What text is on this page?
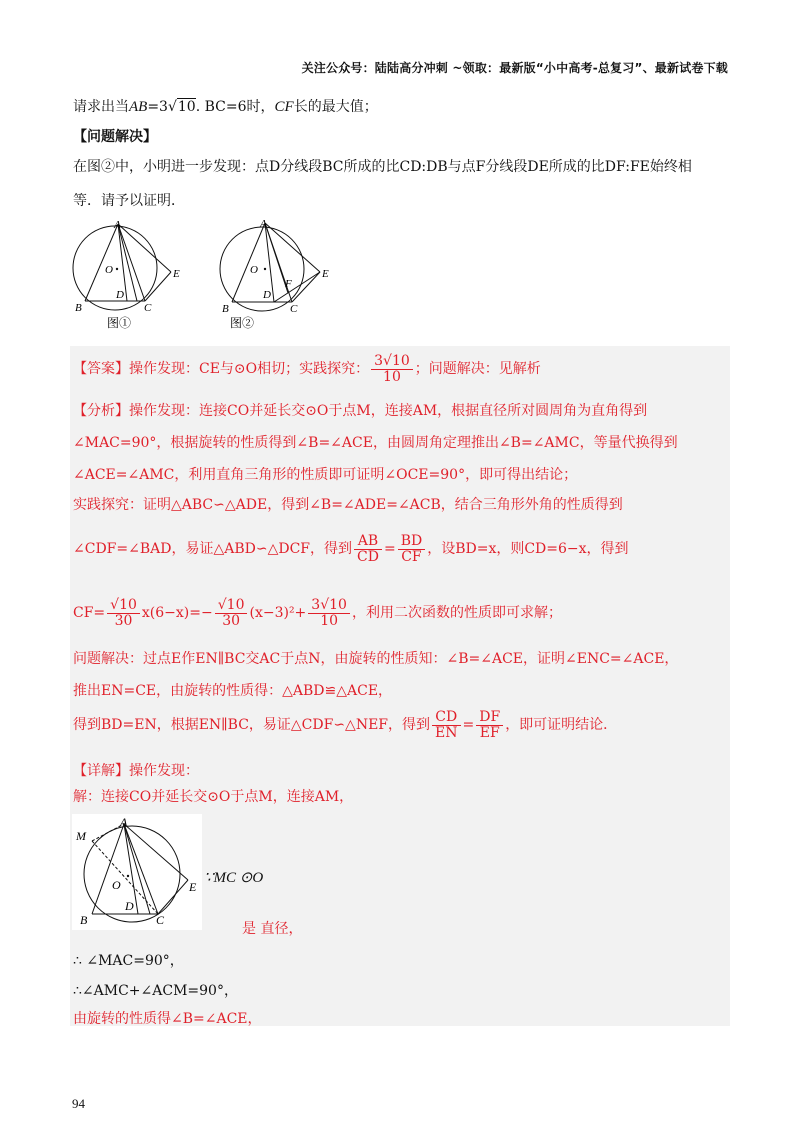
关注公众号：陆陆高分冲刺 ~领取：最新版“小中高考-总复习”、最新试卷下载
请求出当AB=3√10. BC=6时，CF长的最大值；
【问题解决】
在图②中，小明进一步发现：点D分线段BC所成的比CD:DB与点F分线段DE所成的比DF:FE始终相
等．请予以证明．
A
O	E
D
B	C
图①
A
O	E
F
D
B	C
图②
【答案】操作发现：CE与⊙O相切；实践探究： $\frac{3√10}{10}$ ；问题解决：见解析
【分析】操作发现：连接CO并延长交⊙O于点M，连接AM，根据直径所对圆周角为直角得到
∠MAC=90°，根据旋转的性质得到∠B=∠ACE，由圆周角定理推出∠B=∠AMC，等量代换得到
∠ACE=∠AMC，利用直角三角形的性质即可证明∠OCE=90°，即可得出结论；
实践探究：证明△ABC∽△ADE，得到∠B=∠ADE=∠ACB，结合三角形外角的性质得到
∠CDF=∠BAD，易证△ABD∽△DCF，得到 $\frac{AB}{CD} = \frac{BD}{CF}$ ，设BD=x，则CD=6−x，得到
$CF= \frac{√10}{30} x(6-x)=- \frac{√10}{30} (x-3)^2+ \frac{3√10}{10}$ ，利用二次函数的性质即可求解；
问题解决：过点E作EN∥BC交AC于点N，由旋转的性质知：∠B=∠ACE，证明∠ENC=∠ACE，
推出EN=CE，由旋转的性质得：△ABD≌△ACE，
得到BD=EN，根据EN∥BC，易证△CDF∽△NEF，得到 $\frac{CD}{EN} = \frac{DF}{EF}$ ，即可证明结论．
【详解】操作发现：
解：连接CO并延长交⊙O于点M，连接AM，
M
A
O	E
D
B	C
∵MC ⊙O
是 直径，
∴ ∠MAC=90°，
∴∠AMC+∠ACM=90°，
由旋转的性质得∠B=∠ACE，
94
